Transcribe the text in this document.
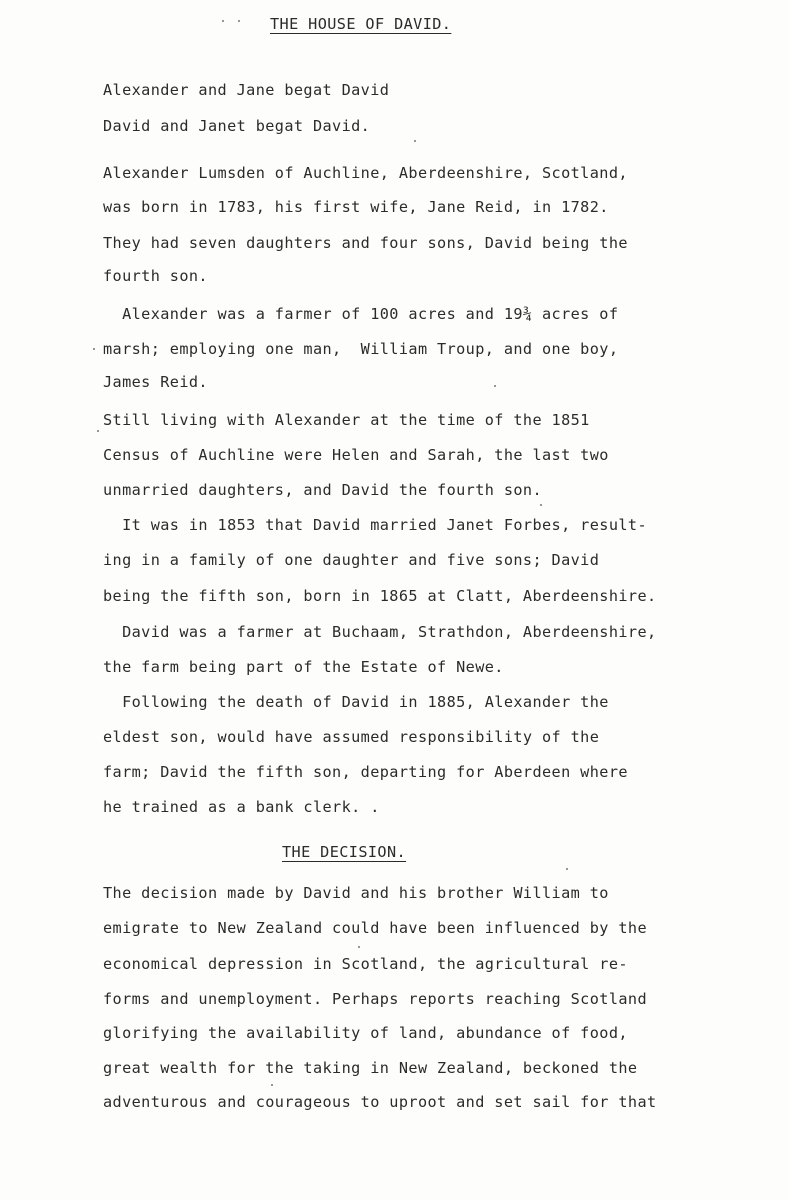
THE HOUSE OF DAVID.
Alexander and Jane begat David
David and Janet begat David.
Alexander Lumsden of Auchline, Aberdeenshire, Scotland,
was born in 1783, his first wife, Jane Reid, in 1782.
They had seven daughters and four sons, David being the
fourth son.
Alexander was a farmer of 100 acres and 19¾ acres of
marsh; employing one man,  William Troup, and one boy,
James Reid.
Still living with Alexander at the time of the 1851
Census of Auchline were Helen and Sarah, the last two
unmarried daughters, and David the fourth son.
It was in 1853 that David married Janet Forbes, result-
ing in a family of one daughter and five sons; David
being the fifth son, born in 1865 at Clatt, Aberdeenshire.
David was a farmer at Buchaam, Strathdon, Aberdeenshire,
the farm being part of the Estate of Newe.
Following the death of David in 1885, Alexander the
eldest son, would have assumed responsibility of the
farm; David the fifth son, departing for Aberdeen where
he trained as a bank clerk. .
THE DECISION.
The decision made by David and his brother William to
emigrate to New Zealand could have been influenced by the
economical depression in Scotland, the agricultural re-
forms and unemployment. Perhaps reports reaching Scotland
glorifying the availability of land, abundance of food,
great wealth for the taking in New Zealand, beckoned the
adventurous and courageous to uproot and set sail for that
